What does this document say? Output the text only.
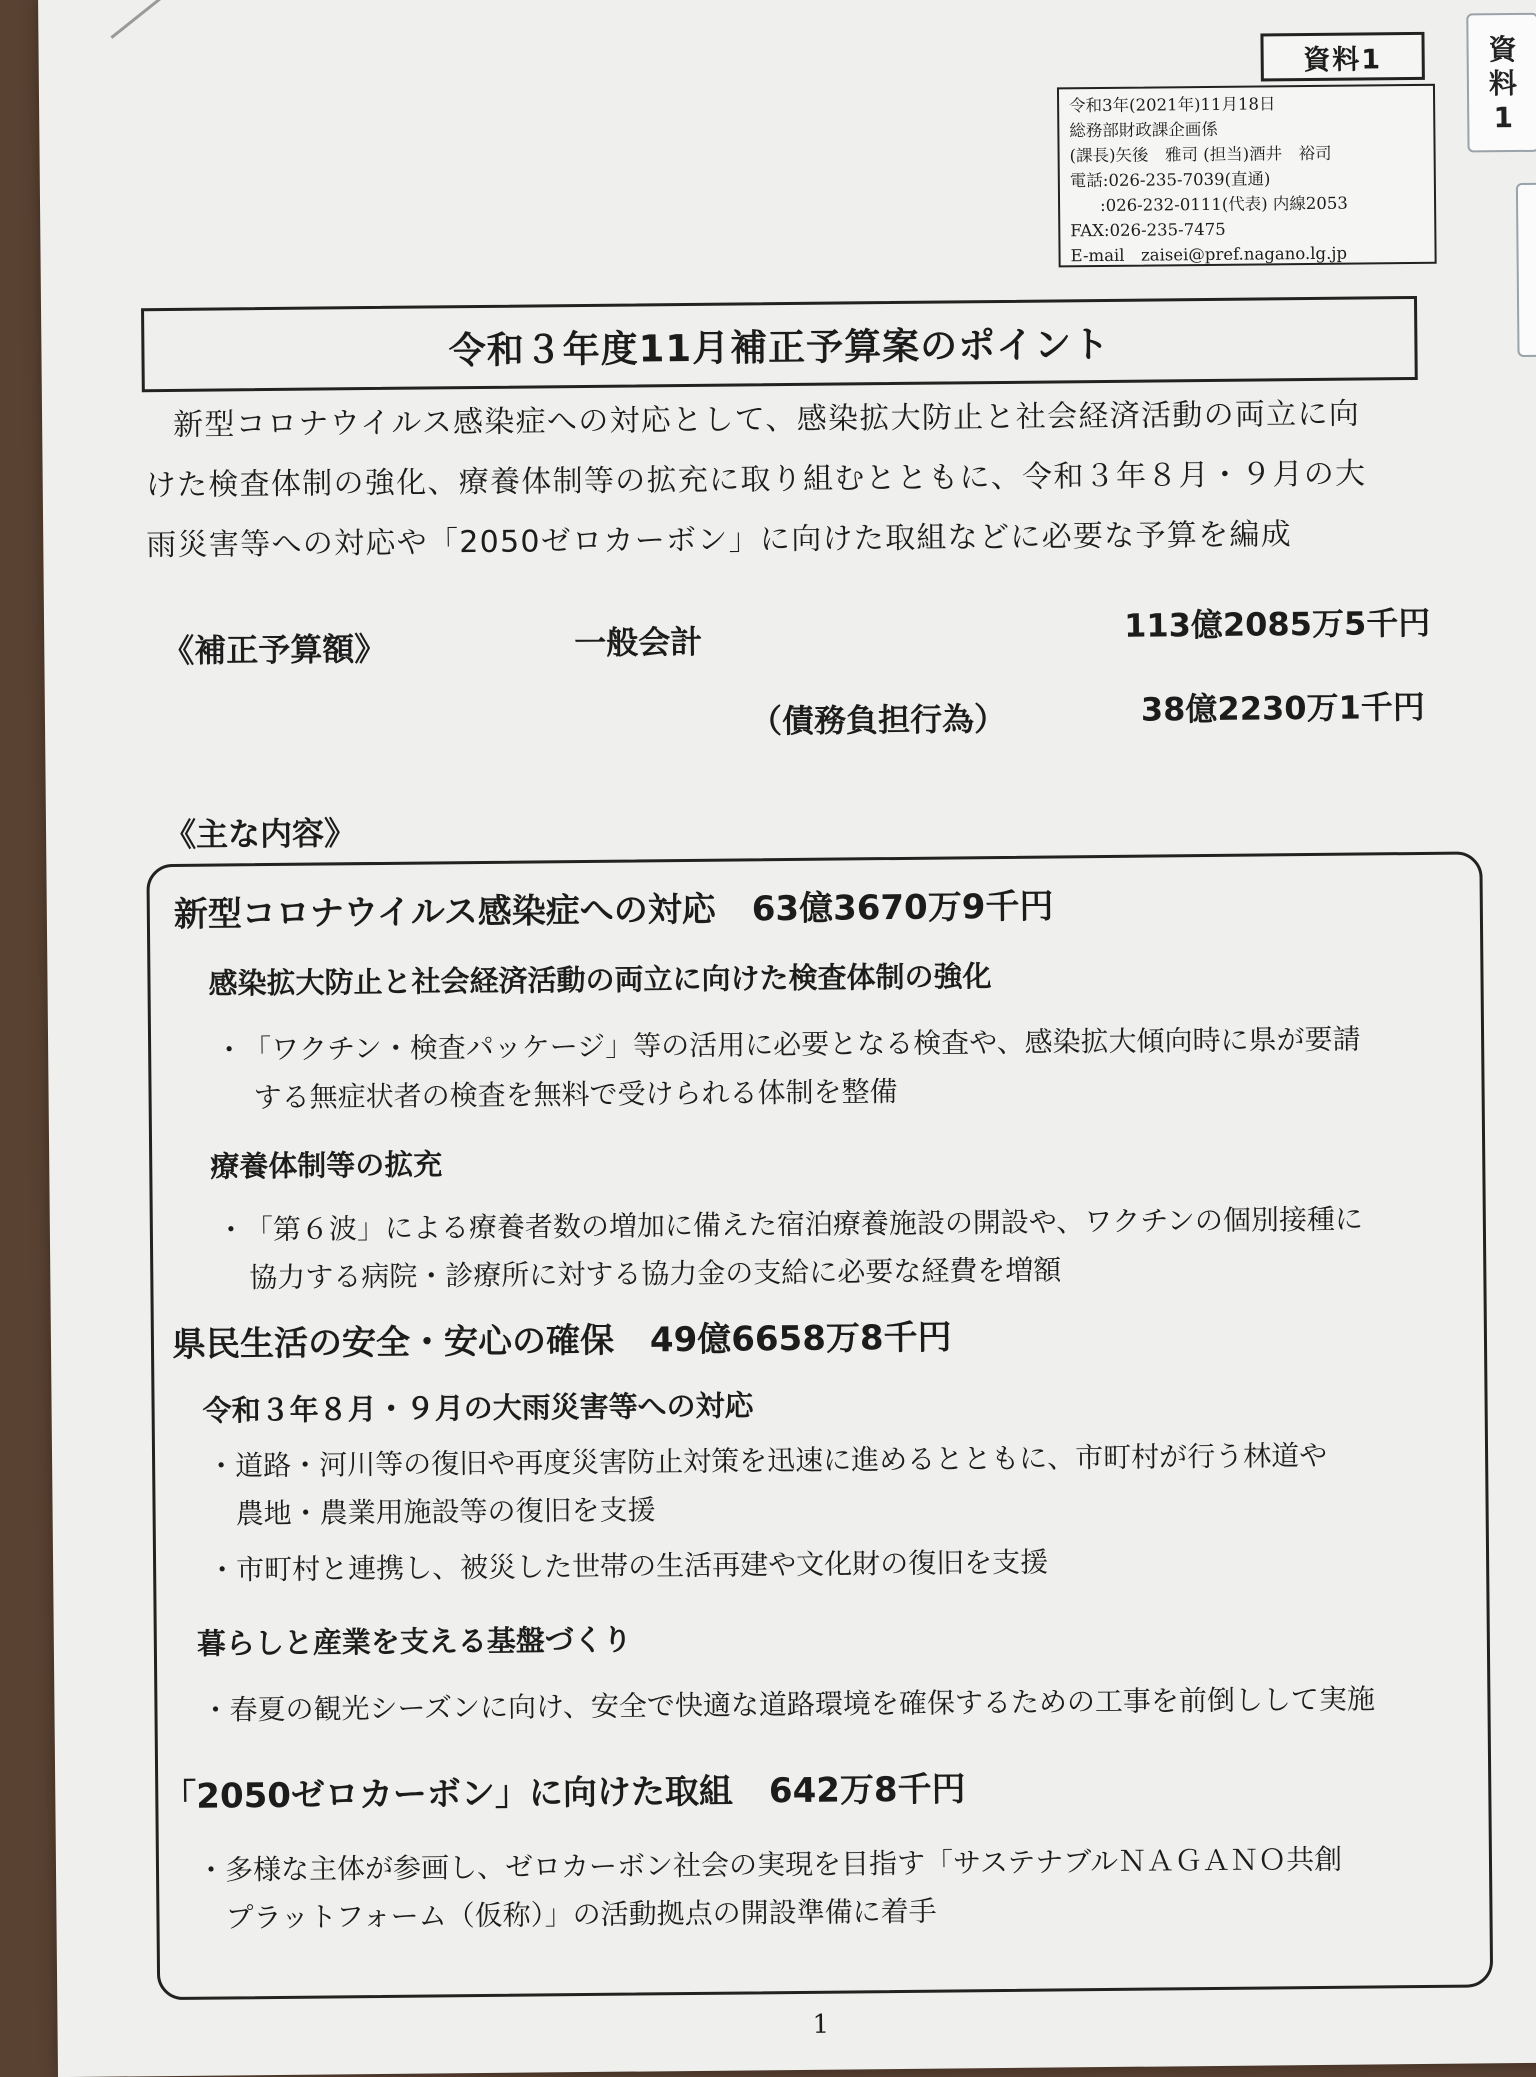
資料1
資料1
令和3年(2021年)11月18日
総務部財政課企画係
(課長)矢後　雅司 (担当)酒井　裕司
電話:026-235-7039(直通)
:026-232-0111(代表) 内線2053
FAX:026-235-7475
E-mail　zaisei@pref.nagano.lg.jp
令和３年度11月補正予算案のポイント

新型コロナウイルス感染症への対応として、感染拡大防止と社会経済活動の両立に向

けた検査体制の強化、療養体制等の拡充に取り組むとともに、令和３年８月・９月の大

雨災害等への対応や「2050ゼロカーボン」に向けた取組などに必要な予算を編成

《補正予算額》	一般会計	113億2085万5千円
（債務負担行為）	38億2230万1千円
《主な内容》
新型コロナウイルス感染症への対応 63億3670万9千円
感染拡大防止と社会経済活動の両立に向けた検査体制の強化
・ 「ワクチン・検査パッケージ」等の活用に必要となる検査や、感染拡大傾向時に県が要請
する無症状者の検査を無料で受けられる体制を整備
療養体制等の拡充
・ 「第６波」による療養者数の増加に備えた宿泊療養施設の開設や、ワクチンの個別接種に
協力する病院・診療所に対する協力金の支給に必要な経費を増額
県民生活の安全・安心の確保 49億6658万8千円
令和３年８月・９月の大雨災害等への対応
・ 道路・河川等の復旧や再度災害防止対策を迅速に進めるとともに、市町村が行う林道や
農地・農業用施設等の復旧を支援
・ 市町村と連携し、被災した世帯の生活再建や文化財の復旧を支援
暮らしと産業を支える基盤づくり
・ 春夏の観光シーズンに向け、安全で快適な道路環境を確保するための工事を前倒しして実施
「2050ゼロカーボン」に向けた取組 642万8千円
・ 多様な主体が参画し、ゼロカーボン社会の実現を目指す「サステナブルＮＡＧＡＮＯ共創
プラットフォーム（仮称）」の活動拠点の開設準備に着手
1
